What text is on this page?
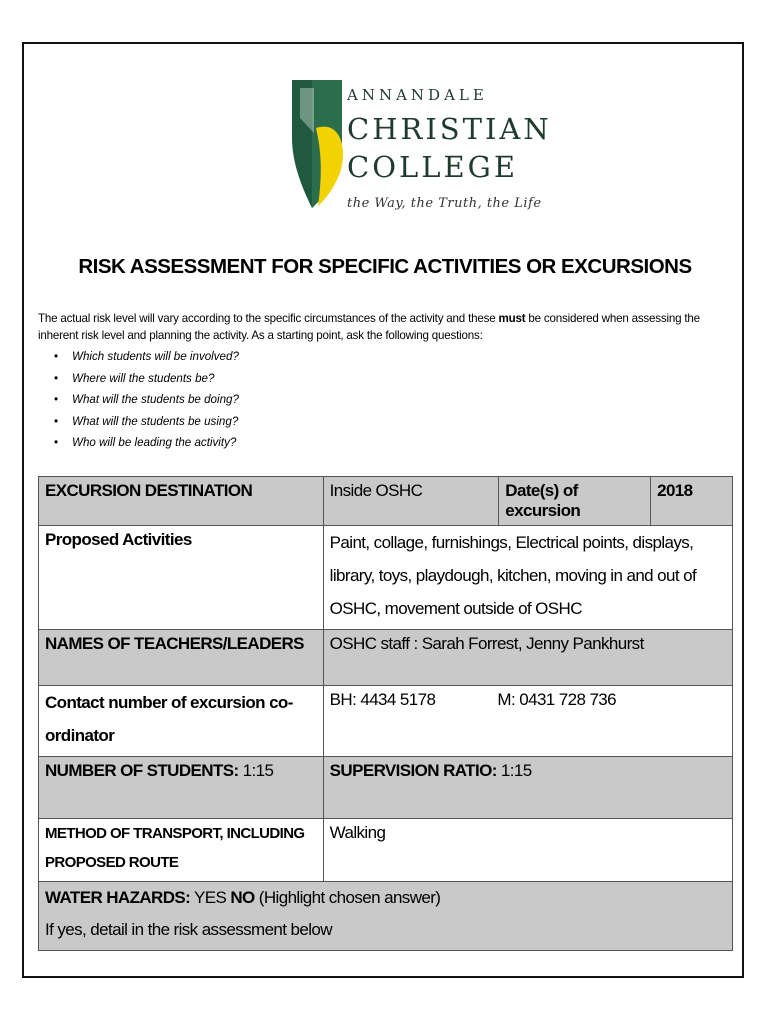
ANNANDALE
CHRISTIAN
COLLEGE
the Way, the Truth, the Life
RISK ASSESSMENT FOR SPECIFIC ACTIVITIES OR EXCURSIONS
The actual risk level will vary according to the specific circumstances of the activity and these must be considered when assessing the inherent risk level and planning the activity. As a starting point, ask the following questions:
• Which students will be involved?
• Where will the students be?
• What will the students be doing?
• What will the students be using?
• Who will be leading the activity?
EXCURSION DESTINATION	Inside OSHC	Date(s) of excursion	2018
Proposed Activities	Paint, collage, furnishings, Electrical points, displays, library, toys, playdough, kitchen, moving in and out of OSHC, movement outside of OSHC		
NAMES OF TEACHERS/LEADERS	OSHC staff : Sarah Forrest, Jenny Pankhurst		
Contact number of excursion co-ordinator	BH: 4434 5178 M: 0431 728 736		
NUMBER OF STUDENTS: 1:15	SUPERVISION RATIO: 1:15		
METHOD OF TRANSPORT, INCLUDING PROPOSED ROUTE	Walking		
WATER HAZARDS: YES NO (Highlight chosen answer)
If yes, detail in the risk assessment below			
